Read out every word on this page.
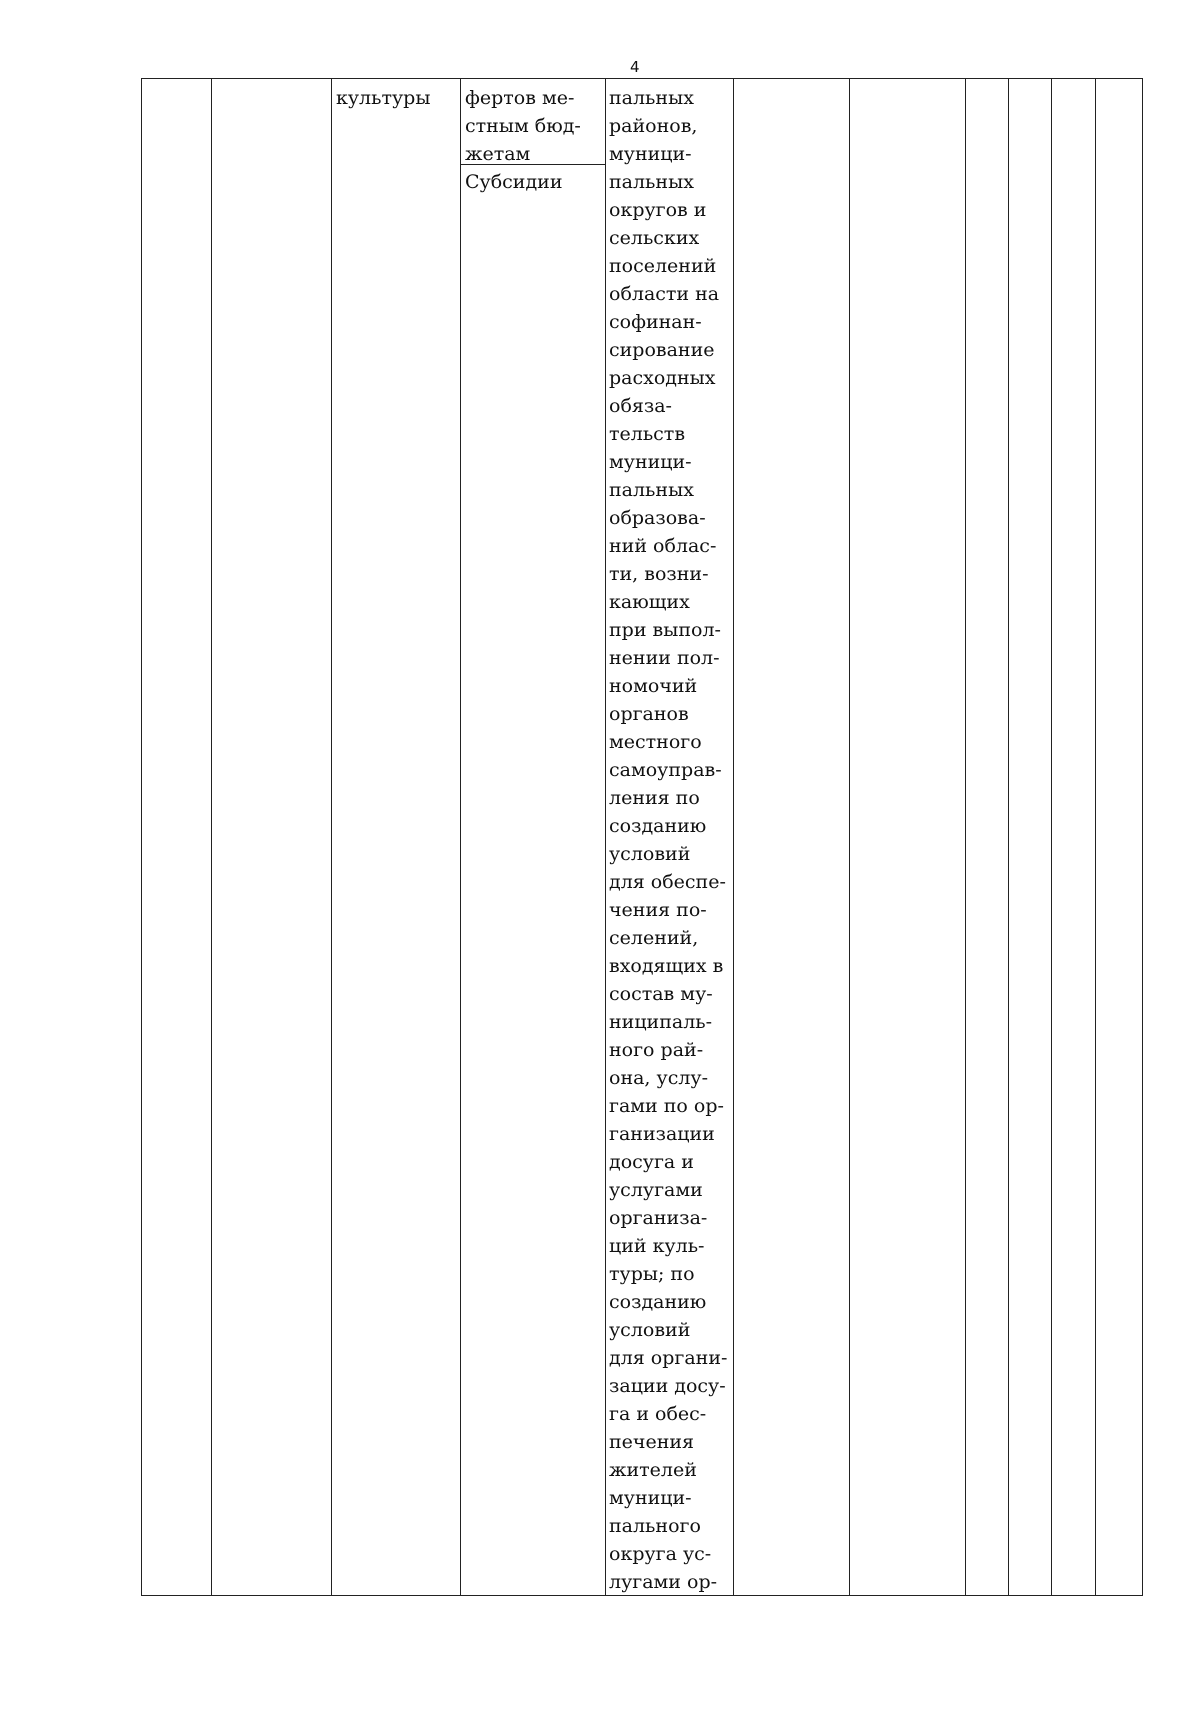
4
культуры	фертов ме-
стным бюд-
жетам
Субсидии
пальных
районов,
муници-
пальных
округов и
сельских
поселений
области на
софинан-
сирование
расходных
обяза-
тельств
муници-
пальных
образова-
ний облас-
ти, возни-
кающих
при выпол-
нении пол-
номочий
органов
местного
самоуправ-
ления по
созданию
условий
для обеспе-
чения по-
селений,
входящих в
состав му-
ниципаль-
ного рай-
она, услу-
гами по ор-
ганизации
досуга и
услугами
организа-
ций куль-
туры; по
созданию
условий
для органи-
зации досу-
га и обес-
печения
жителей
муници-
пального
округа ус-
лугами ор-
